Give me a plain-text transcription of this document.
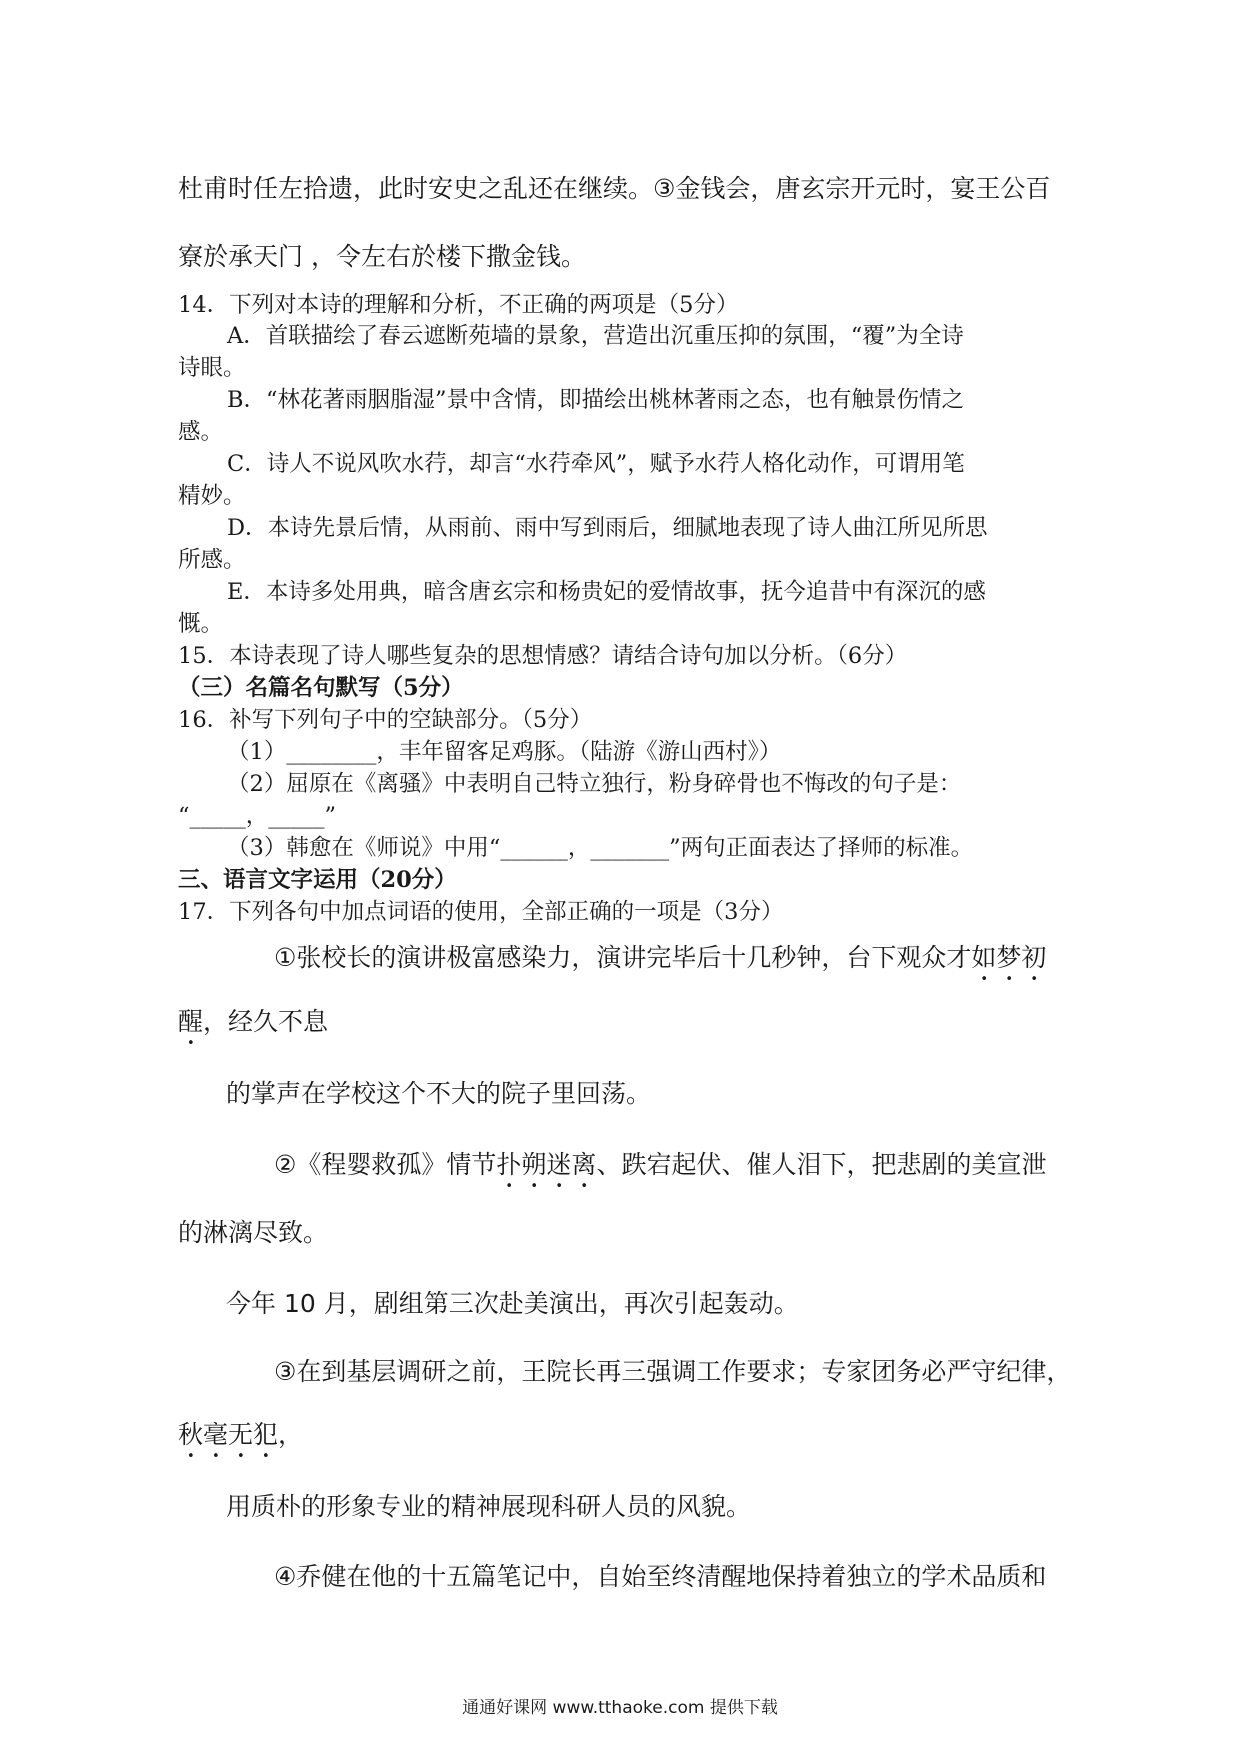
杜甫时任左拾遗，此时安史之乱还在继续。③金钱会，唐玄宗开元时，宴王公百
寮於承天门 ，令左右於楼下撒金钱。
14．下列对本诗的理解和分析，不正确的两项是（5分）
A．首联描绘了春云遮断苑墙的景象，营造出沉重压抑的氛围，“覆”为全诗
诗眼。
B．“林花著雨胭脂湿”景中含情，即描绘出桃林著雨之态，也有触景伤情之
感。
C．诗人不说风吹水荇，却言“水荇牵风”，赋予水荇人格化动作，可谓用笔
精妙。
D．本诗先景后情，从雨前、雨中写到雨后，细腻地表现了诗人曲江所见所思
所感。
E．本诗多处用典，暗含唐玄宗和杨贵妃的爱情故事，抚今追昔中有深沉的感
慨。
15．本诗表现了诗人哪些复杂的思想情感？请结合诗句加以分析。（6分）
（三）名篇名句默写（5分）
16．补写下列句子中的空缺部分。（5分）
（1）________，丰年留客足鸡豚。（陆游《游山西村》）
（2）屈原在《离骚》中表明自己特立独行，粉身碎骨也不悔改的句子是：
“_____，_____”
（3）韩愈在《师说》中用“______，_______”两句正面表达了择师的标准。
三、语言文字运用（20分）
17．下列各句中加点词语的使用，全部正确的一项是（3分）
①张校长的演讲极富感染力，演讲完毕后十几秒钟，台下观众才如梦初
醒，经久不息
的掌声在学校这个不大的院子里回荡。
②《程婴救孤》情节扑朔迷离、跌宕起伏、催人泪下，把悲剧的美宣泄
的淋漓尽致。
今年 10 月，剧组第三次赴美演出，再次引起轰动。
③在到基层调研之前，王院长再三强调工作要求；专家团务必严守纪律，
秋毫无犯，
用质朴的形象专业的精神展现科研人员的风貌。
④乔健在他的十五篇笔记中，自始至终清醒地保持着独立的学术品质和
通通好课网 www.tthaoke.com 提供下载
